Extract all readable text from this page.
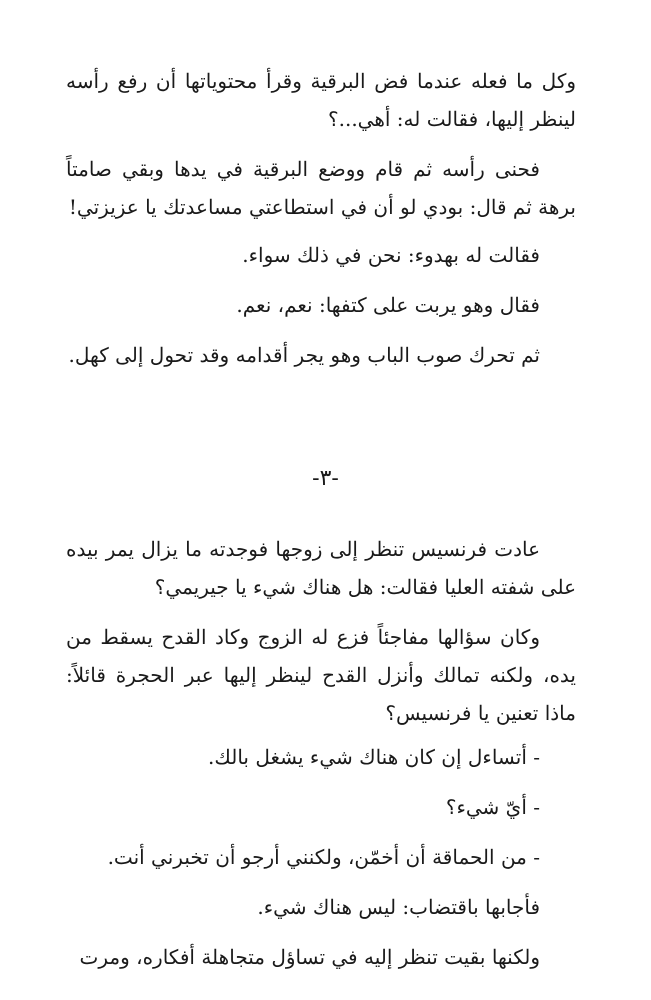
وكل ما فعله عندما فض البرقية وقرأ محتوياتها أن رفع رأسه لينظر إليها، فقالت له: أهي...؟

فحنى رأسه ثم قام ووضع البرقية في يدها وبقي صامتاً برهة ثم قال: بودي لو أن في استطاعتي مساعدتك يا عزيزتي!

فقالت له بهدوء: نحن في ذلك سواء.

فقال وهو يربت على كتفها: نعم، نعم.

ثم تحرك صوب الباب وهو يجر أقدامه وقد تحول إلى كهل.

-٣-

عادت فرنسيس تنظر إلى زوجها فوجدته ما يزال يمر بيده على شفته العليا فقالت: هل هناك شيء يا جيريمي؟

وكان سؤالها مفاجئاً فزع له الزوج وكاد القدح يسقط من يده، ولكنه تمالك وأنزل القدح لينظر إليها عبر الحجرة قائلاً: ماذا تعنين يا فرنسيس؟

- أتساءل إن كان هناك شيء يشغل بالك.

- أيّ شيء؟

- من الحماقة أن أخمّن، ولكنني أرجو أن تخبرني أنت.

فأجابها باقتضاب: ليس هناك شيء.

ولكنها بقيت تنظر إليه في تساؤل متجاهلة أفكاره، ومرت
